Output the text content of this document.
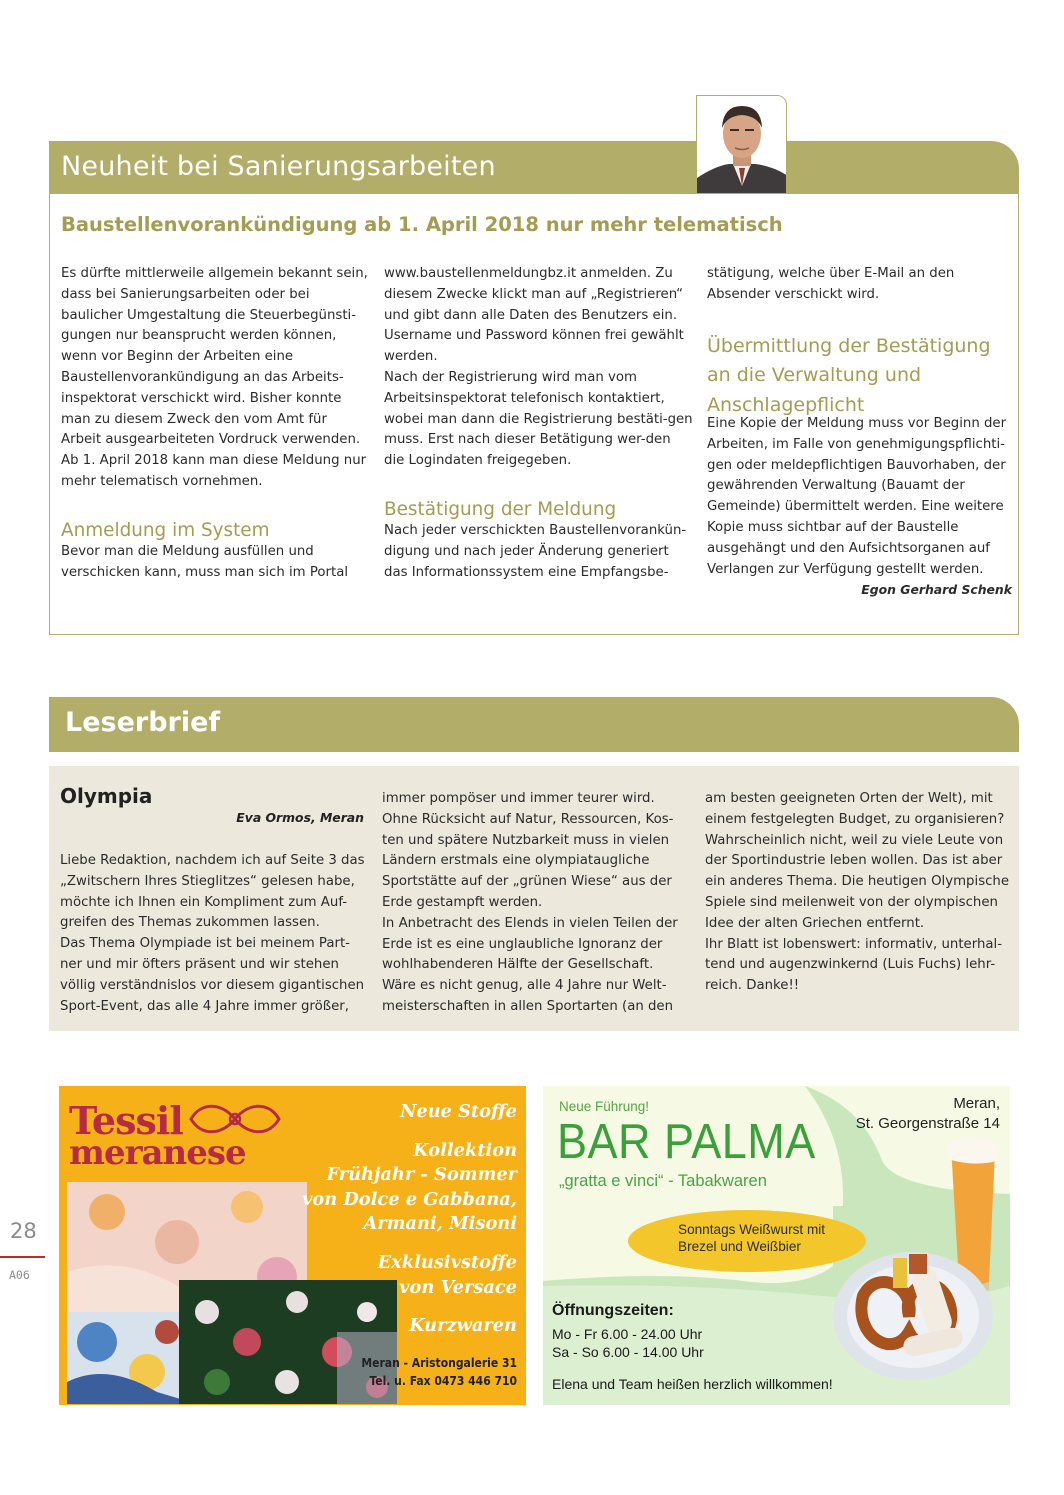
Neuheit bei Sanierungsarbeiten
Baustellenvorankündigung ab 1. April 2018 nur mehr telematisch

Es dürfte mittlerweile allgemein bekannt sein, dass bei Sanierungsarbeiten oder bei baulicher Umgestaltung die Steuerbegünsti-gungen nur beansprucht werden können, wenn vor Beginn der Arbeiten eine Baustellenvorankündigung an das Arbeits-inspektorat verschickt wird. Bisher konnte man zu diesem Zweck den vom Amt für Arbeit ausgearbeiteten Vordruck verwenden.

Ab 1. April 2018 kann man diese Meldung nur mehr telematisch vornehmen.

Anmeldung im System

Bevor man die Meldung ausfüllen und verschicken kann, muss man sich im Portal

www.baustellenmeldungbz.it anmelden. Zu diesem Zwecke klickt man auf „Registrieren“ und gibt dann alle Daten des Benutzers ein. Username und Password können frei gewählt werden.

Nach der Registrierung wird man vom Arbeitsinspektorat telefonisch kontaktiert, wobei man dann die Registrierung bestäti-gen muss. Erst nach dieser Betätigung wer-den die Logindaten freigegeben.

Bestätigung der Meldung

Nach jeder verschickten Baustellenvorankün-digung und nach jeder Änderung generiert das Informationssystem eine Empfangsbe-

stätigung, welche über E-Mail an den Absender verschickt wird.

Übermittlung der Bestätigung an die Verwaltung und Anschlagepflicht

Eine Kopie der Meldung muss vor Beginn der Arbeiten, im Falle von genehmigungspflichti-gen oder meldepflichtigen Bauvorhaben, der gewährenden Verwaltung (Bauamt der Gemeinde) übermittelt werden. Eine weitere Kopie muss sichtbar auf der Baustelle ausgehängt und den Aufsichtsorganen auf Verlangen zur Verfügung gestellt werden.

Egon Gerhard Schenk

Leserbrief
Olympia
Eva Ormos, Meran

Liebe Redaktion, nachdem ich auf Seite 3 das „Zwitschern Ihres Stieglitzes“ gelesen habe, möchte ich Ihnen ein Kompliment zum Auf-greifen des Themas zukommen lassen.

Das Thema Olympiade ist bei meinem Part-ner und mir öfters präsent und wir stehen völlig verständnislos vor diesem gigantischen Sport-Event, das alle 4 Jahre immer größer,

immer pompöser und immer teurer wird. Ohne Rücksicht auf Natur, Ressourcen, Kos-ten und spätere Nutzbarkeit muss in vielen Ländern erstmals eine olympiataugliche Sportstätte auf der „grünen Wiese“ aus der Erde gestampft werden.

In Anbetracht des Elends in vielen Teilen der Erde ist es eine unglaubliche Ignoranz der wohlhabenderen Hälfte der Gesellschaft. Wäre es nicht genug, alle 4 Jahre nur Welt-meisterschaften in allen Sportarten (an den

am besten geeigneten Orten der Welt), mit einem festgelegten Budget, zu organisieren? Wahrscheinlich nicht, weil zu viele Leute von der Sportindustrie leben wollen. Das ist aber ein anderes Thema. Die heutigen Olympische Spiele sind meilenweit von der olympischen Idee der alten Griechen entfernt.

Ihr Blatt ist lobenswert: informativ, unterhal-tend und augenzwinkernd (Luis Fuchs) lehr-reich. Danke!!

28
A06
Tessil
meranese
Neue Stoffe
Kollektion
Frühjahr - Sommer
von Dolce e Gabbana,
Armani, Misoni
Exklusivstoffe
von Versace
Kurzwaren
Meran - Aristongalerie 31
Tel. u. Fax 0473 446 710
Neue Führung!
BAR PALMA
„gratta e vinci“ - Tabakwaren
Meran,
St. Georgenstraße 14
Sonntags Weißwurst mit
Brezel und Weißbier
Öffnungszeiten:
Mo - Fr 6.00 - 24.00 Uhr
Sa - So 6.00 - 14.00 Uhr
Elena und Team heißen herzlich willkommen!
